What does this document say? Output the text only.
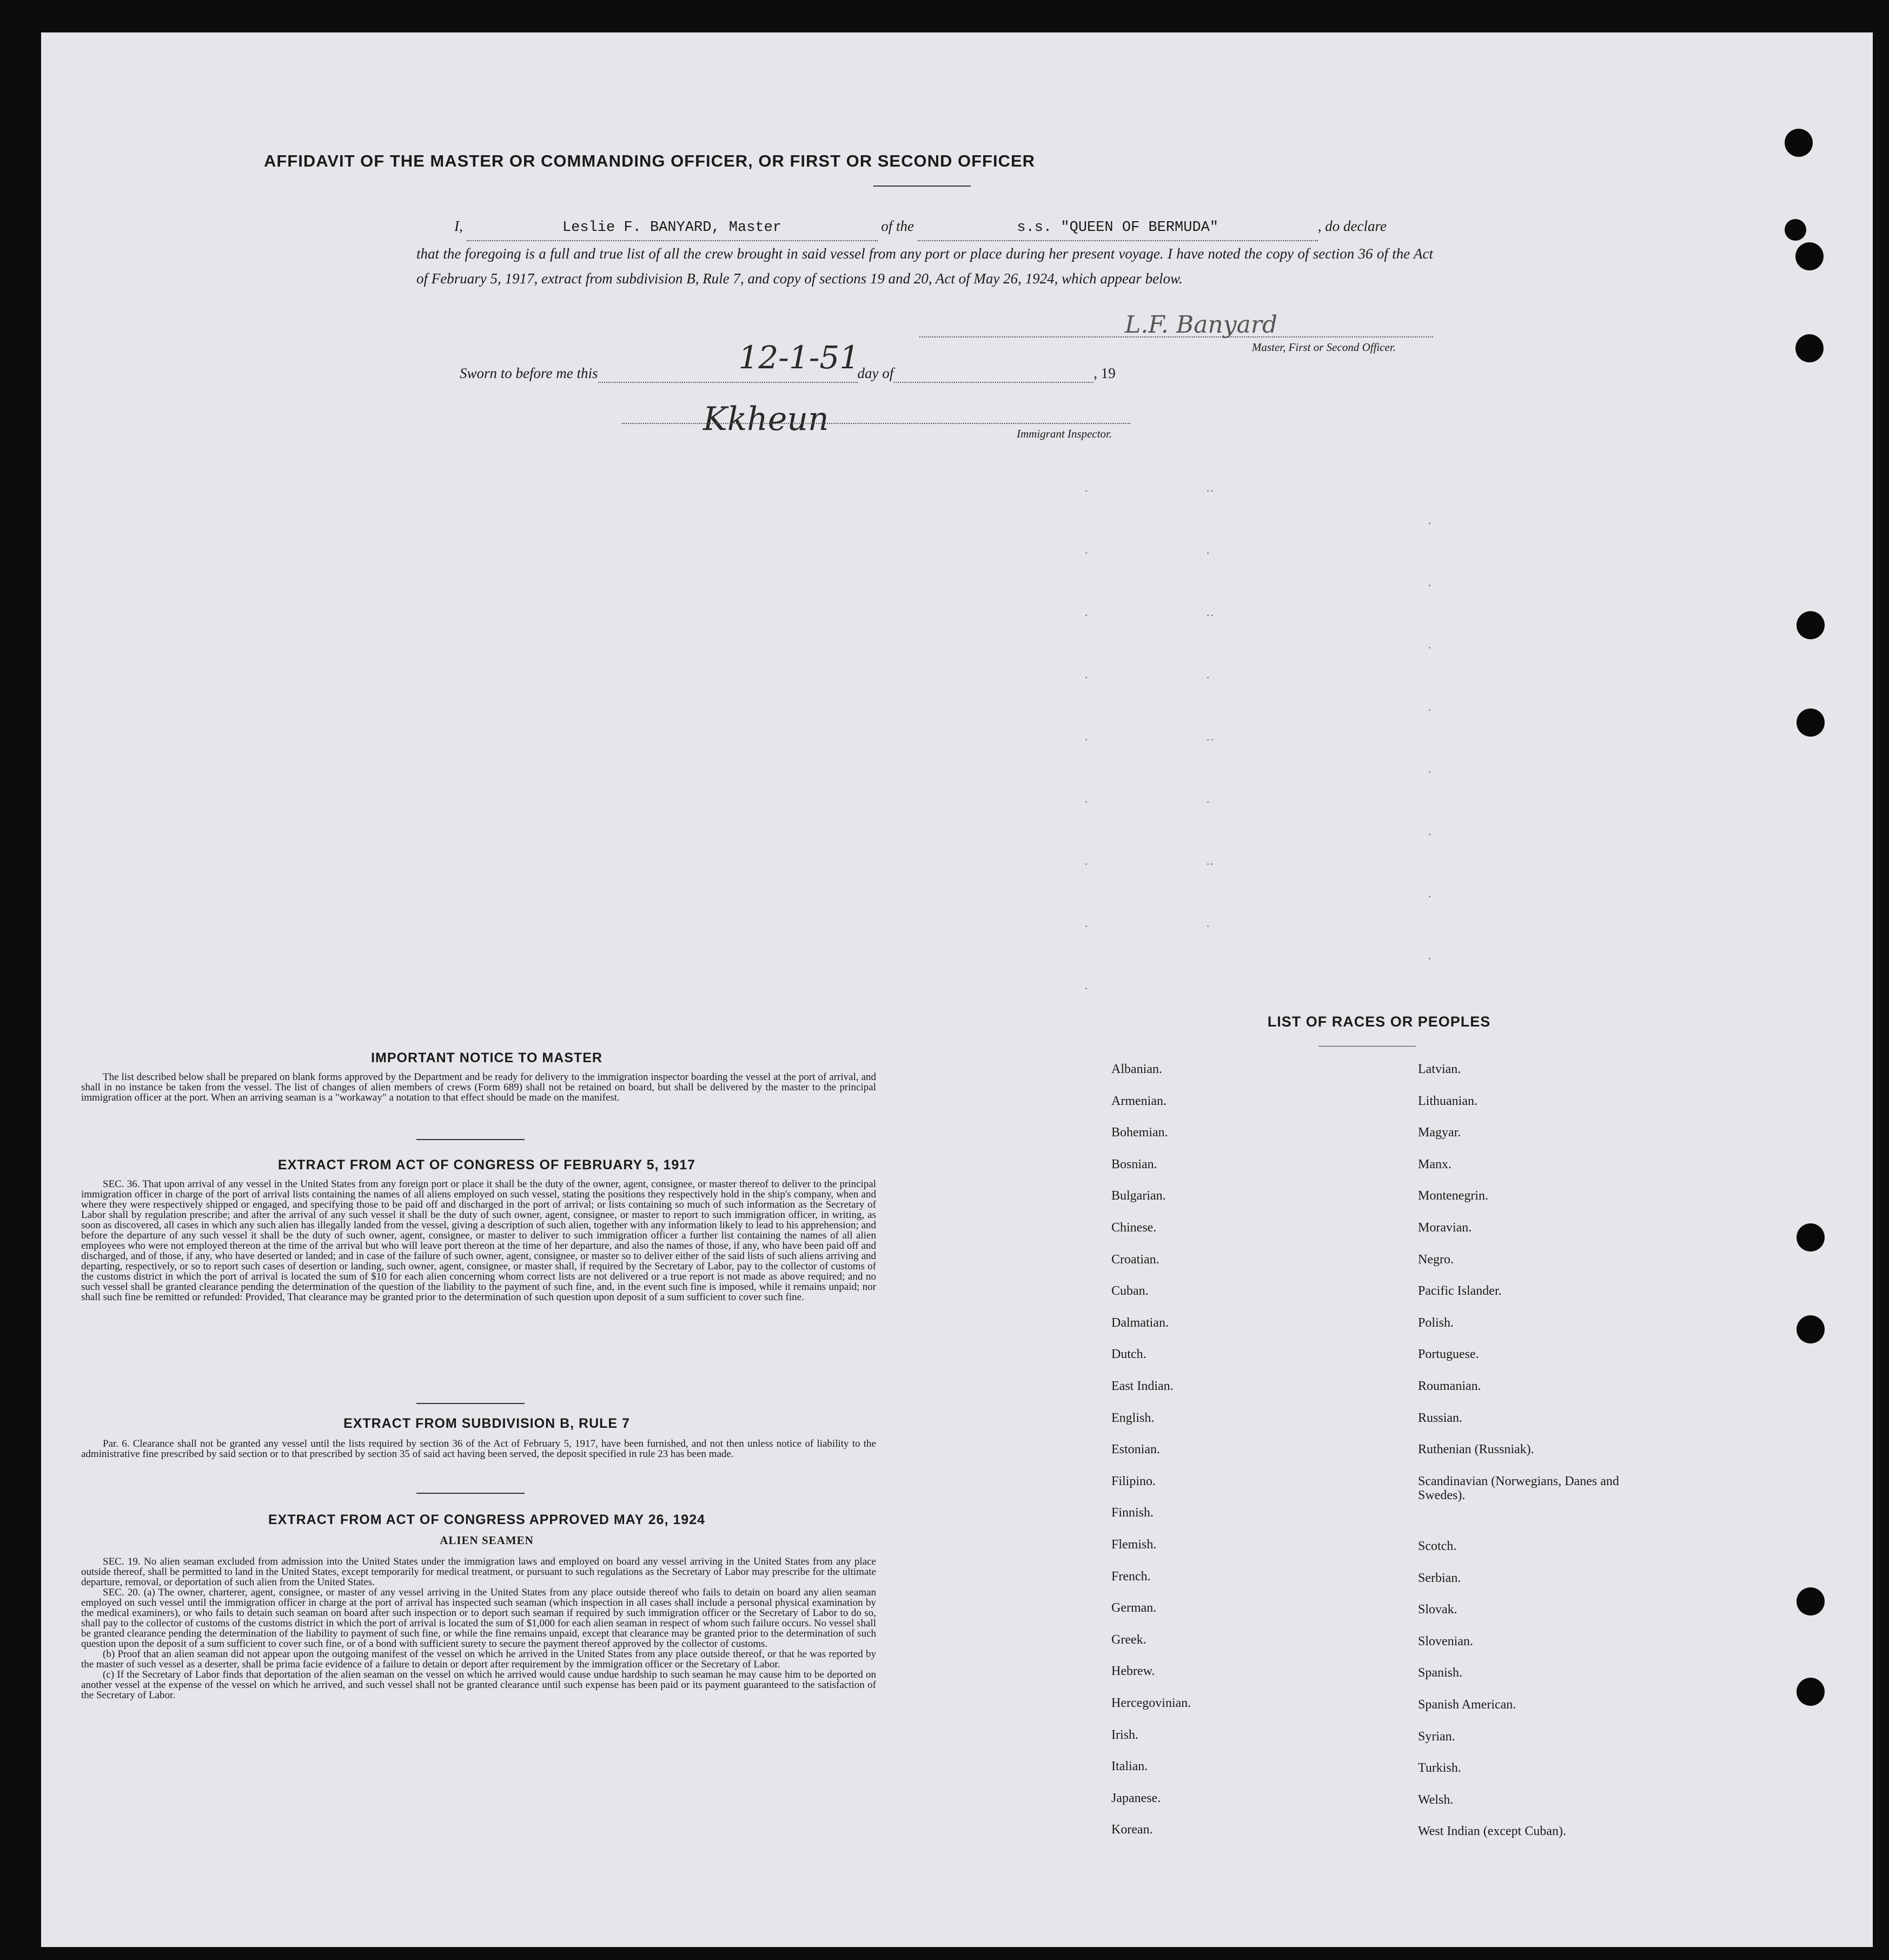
AFFIDAVIT OF THE MASTER OR COMMANDING OFFICER, OR FIRST OR SECOND OFFICER
I,	Leslie F. BANYARD, Master	of the	s.s. "QUEEN OF BERMUDA"	, do declare
that the foregoing is a full and true list of all the crew brought in said vessel from any port or place during her present voyage. I have noted the copy of section 36 of the Act of February 5, 1917, extract from subdivision B, Rule 7, and copy of sections 19 and 20, Act of May 26, 1924, which appear below.
L.F. Banyard
Master, First or Second Officer.
Sworn to before me this	12-1-51
day of	, 19
Kkheun	Immigrant Inspector.
·
·
·
·
·
·
·
·
·
··
·
··
·
··
·
··
·
·
·
·
·
·
·
·
·
IMPORTANT NOTICE TO MASTER
The list described below shall be prepared on blank forms approved by the Department and be ready for delivery to the immigration inspector boarding the vessel at the port of arrival, and shall in no instance be taken from the vessel. The list of changes of alien members of crews (Form 689) shall not be retained on board, but shall be delivered by the master to the principal immigration officer at the port. When an arriving seaman is a "workaway" a notation to that effect should be made on the manifest.
EXTRACT FROM ACT OF CONGRESS OF FEBRUARY 5, 1917
SEC. 36. That upon arrival of any vessel in the United States from any foreign port or place it shall be the duty of the owner, agent, consignee, or master thereof to deliver to the principal immigration officer in charge of the port of arrival lists containing the names of all aliens employed on such vessel, stating the positions they respectively hold in the ship's company, when and where they were respectively shipped or engaged, and specifying those to be paid off and discharged in the port of arrival; or lists containing so much of such information as the Secretary of Labor shall by regulation prescribe; and after the arrival of any such vessel it shall be the duty of such owner, agent, consignee, or master to report to such immigration officer, in writing, as soon as discovered, all cases in which any such alien has illegally landed from the vessel, giving a description of such alien, together with any information likely to lead to his apprehension; and before the departure of any such vessel it shall be the duty of such owner, agent, consignee, or master to deliver to such immigration officer a further list containing the names of all alien employees who were not employed thereon at the time of the arrival but who will leave port thereon at the time of her departure, and also the names of those, if any, who have been paid off and discharged, and of those, if any, who have deserted or landed; and in case of the failure of such owner, agent, consignee, or master so to deliver either of the said lists of such aliens arriving and departing, respectively, or so to report such cases of desertion or landing, such owner, agent, consignee, or master shall, if required by the Secretary of Labor, pay to the collector of customs of the customs district in which the port of arrival is located the sum of $10 for each alien concerning whom correct lists are not delivered or a true report is not made as above required; and no such vessel shall be granted clearance pending the determination of the question of the liability to the payment of such fine, and, in the event such fine is imposed, while it remains unpaid; nor shall such fine be remitted or refunded: Provided, That clearance may be granted prior to the determination of such question upon deposit of a sum sufficient to cover such fine.
EXTRACT FROM SUBDIVISION B, RULE 7
Par. 6. Clearance shall not be granted any vessel until the lists required by section 36 of the Act of February 5, 1917, have been furnished, and not then unless notice of liability to the administrative fine prescribed by said section or to that prescribed by section 35 of said act having been served, the deposit specified in rule 23 has been made.
EXTRACT FROM ACT OF CONGRESS APPROVED MAY 26, 1924
ALIEN SEAMEN

SEC. 19. No alien seaman excluded from admission into the United States under the immigration laws and employed on board any vessel arriving in the United States from any place outside thereof, shall be permitted to land in the United States, except temporarily for medical treatment, or pursuant to such regulations as the Secretary of Labor may prescribe for the ultimate departure, removal, or deportation of such alien from the United States.

SEC. 20. (a) The owner, charterer, agent, consignee, or master of any vessel arriving in the United States from any place outside thereof who fails to detain on board any alien seaman employed on such vessel until the immigration officer in charge at the port of arrival has inspected such seaman (which inspection in all cases shall include a personal physical examination by the medical examiners), or who fails to detain such seaman on board after such inspection or to deport such seaman if required by such immigration officer or the Secretary of Labor to do so, shall pay to the collector of customs of the customs district in which the port of arrival is located the sum of $1,000 for each alien seaman in respect of whom such failure occurs. No vessel shall be granted clearance pending the determination of the liability to payment of such fine, or while the fine remains unpaid, except that clearance may be granted prior to the determination of such question upon the deposit of a sum sufficient to cover such fine, or of a bond with sufficient surety to secure the payment thereof approved by the collector of customs.

(b) Proof that an alien seaman did not appear upon the outgoing manifest of the vessel on which he arrived in the United States from any place outside thereof, or that he was reported by the master of such vessel as a deserter, shall be prima facie evidence of a failure to detain or deport after requirement by the immigration officer or the Secretary of Labor.

(c) If the Secretary of Labor finds that deportation of the alien seaman on the vessel on which he arrived would cause undue hardship to such seaman he may cause him to be deported on another vessel at the expense of the vessel on which he arrived, and such vessel shall not be granted clearance until such expense has been paid or its payment guaranteed to the satisfaction of the Secretary of Labor.

LIST OF RACES OR PEOPLES
Albanian.
Armenian.
Bohemian.
Bosnian.
Bulgarian.
Chinese.
Croatian.
Cuban.
Dalmatian.
Dutch.
East Indian.
English.
Estonian.
Filipino.
Finnish.
Flemish.
French.
German.
Greek.
Hebrew.
Hercegovinian.
Irish.
Italian.
Japanese.
Korean.
Latvian.
Lithuanian.
Magyar.
Manx.
Montenegrin.
Moravian.
Negro.
Pacific Islander.
Polish.
Portuguese.
Roumanian.
Russian.
Ruthenian (Russniak).
Scandinavian (Norwegians, Danes and Swedes).
Scotch.
Serbian.
Slovak.
Slovenian.
Spanish.
Spanish American.
Syrian.
Turkish.
Welsh.
West Indian (except Cuban).
